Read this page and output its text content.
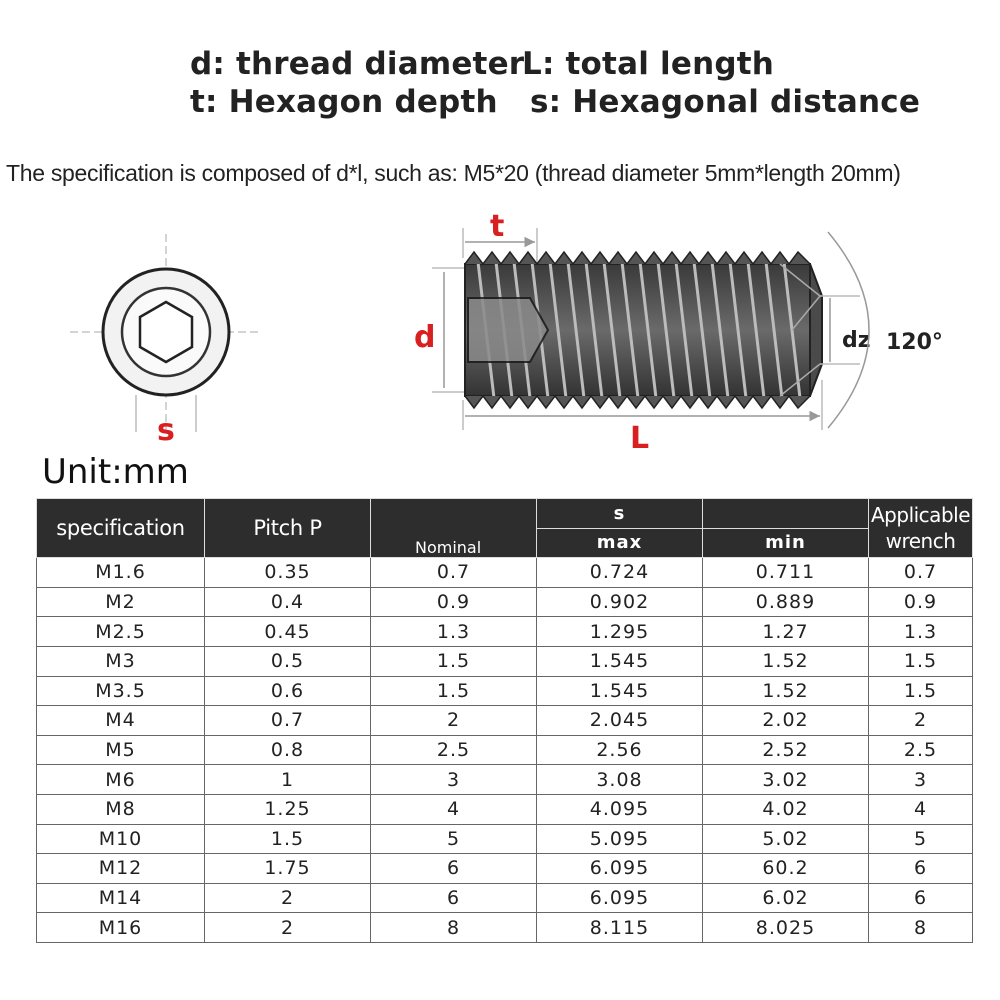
d: thread diameter
L: total length
t: Hexagon depth s: Hexagonal distance
The specification is composed of d*l, such as: M5*20 (thread diameter 5mm*length 20mm)
s
t
d
L
dz 120°
Unit:mm
specification	Pitch P	Nominal	s		Applicable wrench
			max	min	
M1.6	0.35	0.7	0.724	0.711	0.7
M2	0.4	0.9	0.902	0.889	0.9
M2.5	0.45	1.3	1.295	1.27	1.3
M3	0.5	1.5	1.545	1.52	1.5
M3.5	0.6	1.5	1.545	1.52	1.5
M4	0.7	2	2.045	2.02	2
M5	0.8	2.5	2.56	2.52	2.5
M6	1	3	3.08	3.02	3
M8	1.25	4	4.095	4.02	4
M10	1.5	5	5.095	5.02	5
M12	1.75	6	6.095	60.2	6
M14	2	6	6.095	6.02	6
M16	2	8	8.115	8.025	8
